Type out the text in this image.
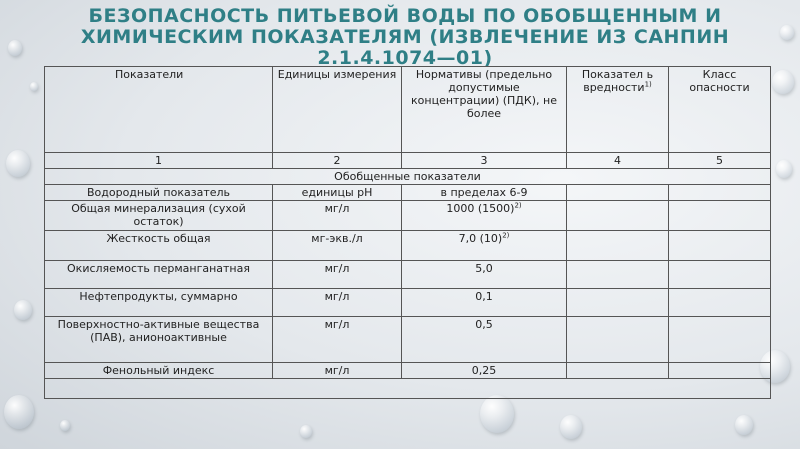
БЕЗОПАСНОСТЬ ПИТЬЕВОЙ ВОДЫ ПО ОБОБЩЕННЫМ И ХИМИЧЕСКИМ ПОКАЗАТЕЛЯМ (ИЗВЛЕЧЕНИЕ ИЗ САНПИН 2.1.4.1074—01)
Показатели	Единицы измерения	Нормативы (предельно допустимые концентрации) (ПДК), не более	Показател ь вредности$^{1)}$	Класс опасности
1	2	3	4	5
Обобщенные показатели				
Водородный показатель	единицы pH	в пределах 6-9		
Общая минерализация (сухой остаток)	мг/л	1000 $(1500)^{2)}$		
Жесткость общая	мг-экв./л	7,0 $(10)^{2)}$		
Окисляемость перманганатная	мг/л	5,0		
Нефтепродукты, суммарно	мг/л	0,1		
Поверхностно-активные вещества (ПАВ), анионоактивные	мг/л	0,5		
Фенольный индекс	мг/л	0,25		
